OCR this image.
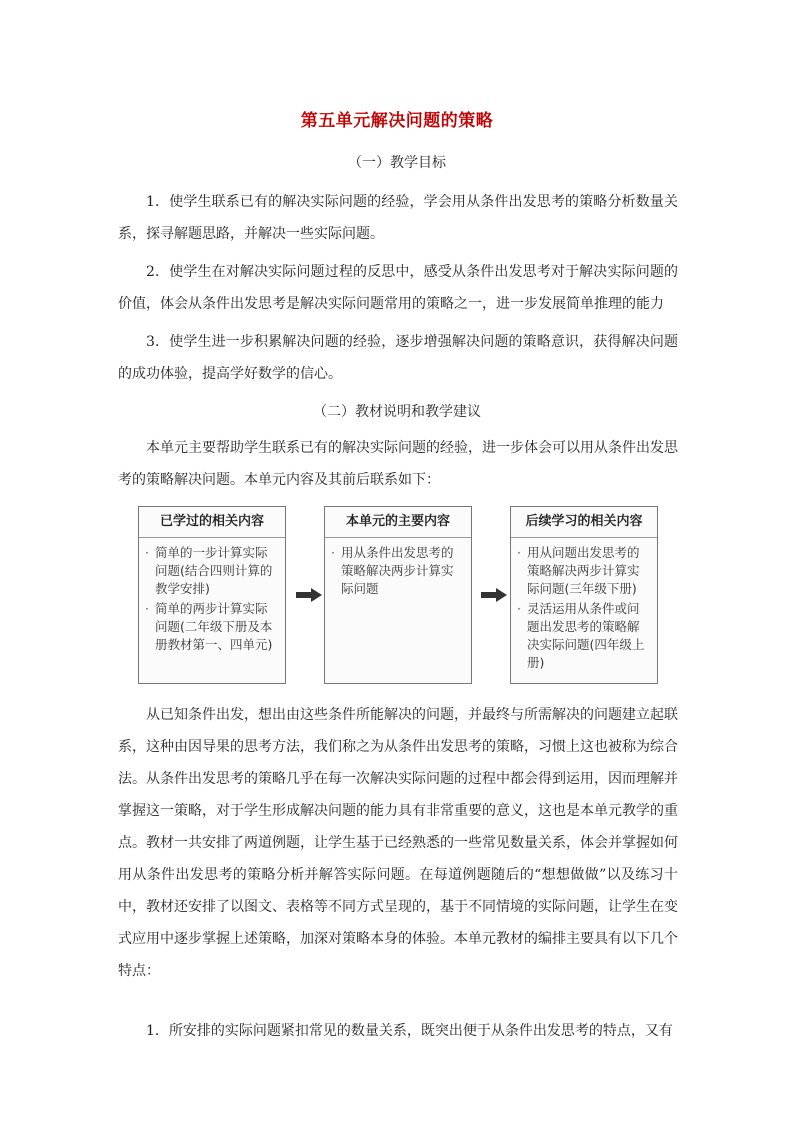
第五单元解决问题的策略
（一）教学目标

1．使学生联系已有的解决实际问题的经验，学会用从条件出发思考的策略分析数量关系，探寻解题思路，并解决一些实际问题。

2．使学生在对解决实际问题过程的反思中，感受从条件出发思考对于解决实际问题的价值，体会从条件出发思考是解决实际问题常用的策略之一，进一步发展简单推理的能力

3．使学生进一步积累解决问题的经验，逐步增强解决问题的策略意识，获得解决问题的成功体验，提高学好数学的信心。

（二）教材说明和教学建议

本单元主要帮助学生联系已有的解决实际问题的经验，进一步体会可以用从条件出发思考的策略解决问题。本单元内容及其前后联系如下：

已学过的相关内容

· 简单的一步计算实际问题(结合四则计算的教学安排)

· 简单的两步计算实际问题(二年级下册及本册教材第一、四单元)

本单元的主要内容

· 用从条件出发思考的策略解决两步计算实际问题

后续学习的相关内容

· 用从问题出发思考的策略解决两步计算实际问题(三年级下册)

· 灵活运用从条件或问题出发思考的策略解决实际问题(四年级上册)

从已知条件出发，想出由这些条件所能解决的问题，并最终与所需解决的问题建立起联系，这种由因导果的思考方法，我们称之为从条件出发思考的策略，习惯上这也被称为综合法。从条件出发思考的策略几乎在每一次解决实际问题的过程中都会得到运用，因而理解并掌握这一策略，对于学生形成解决问题的能力具有非常重要的意义，这也是本单元教学的重点。教材一共安排了两道例题，让学生基于已经熟悉的一些常见数量关系，体会并掌握如何用从条件出发思考的策略分析并解答实际问题。在每道例题随后的“想想做做”以及练习十中，教材还安排了以图文、表格等不同方式呈现的，基于不同情境的实际问题，让学生在变式应用中逐步掌握上述策略，加深对策略本身的体验。本单元教材的编排主要具有以下几个特点：

1．所安排的实际问题紧扣常见的数量关系，既突出便于从条件出发思考的特点，又有
